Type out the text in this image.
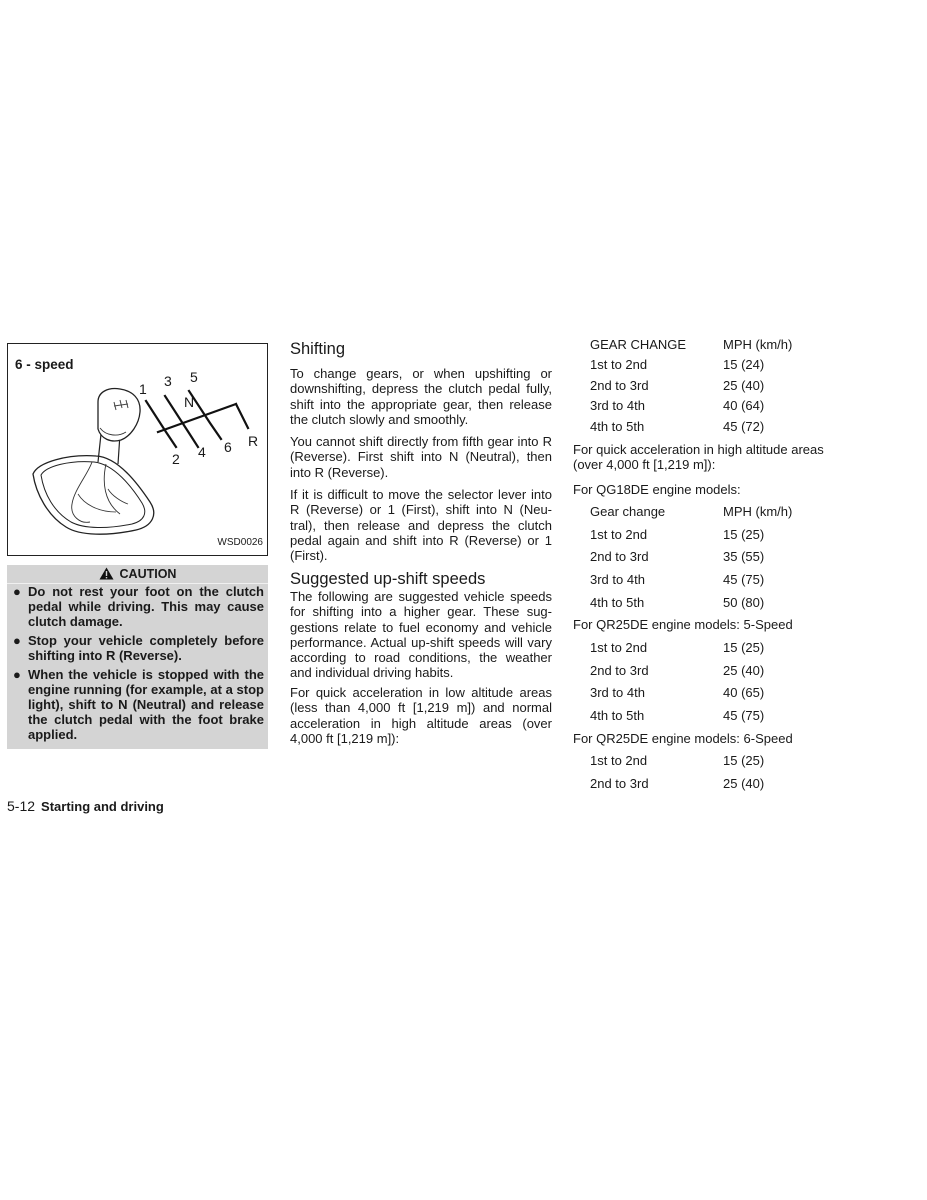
6 - speed
1 3 5
N
2 4 6 R
WSD0026
CAUTION
● Do not rest your foot on the clutch pedal while driving. This may cause clutch damage.
● Stop your vehicle completely before shifting into R (Reverse).
● When the vehicle is stopped with the engine running (for example, at a stop light), shift to N (Neutral) and release the clutch pedal with the foot brake applied.
Shifting

To change gears, or when upshifting or downshifting, depress the clutch pedal fully, shift into the appropriate gear, then release the clutch slowly and smoothly.

You cannot shift directly from fifth gear into R (Reverse). First shift into N (Neutral), then into R (Reverse).

If it is difficult to move the selector lever into R (Reverse) or 1 (First), shift into N (Neu-tral), then release and depress the clutch pedal again and shift into R (Reverse) or 1 (First).

Suggested up-shift speeds

The following are suggested vehicle speeds for shifting into a higher gear. These sug-gestions relate to fuel economy and vehicle performance. Actual up-shift speeds will vary according to road conditions, the weather and individual driving habits.

For quick acceleration in low altitude areas (less than 4,000 ft [1,219 m]) and normal acceleration in high altitude areas (over 4,000 ft [1,219 m]):

GEAR CHANGE	MPH (km/h)
1st to 2nd	15 (24)
2nd to 3rd	25 (40)
3rd to 4th	40 (64)
4th to 5th	45 (72)

For quick acceleration in high altitude areas (over 4,000 ft [1,219 m]):

For QG18DE engine models:

Gear change	MPH (km/h)
1st to 2nd	15 (25)
2nd to 3rd	35 (55)
3rd to 4th	45 (75)
4th to 5th	50 (80)

For QR25DE engine models: 5-Speed

1st to 2nd	15 (25)
2nd to 3rd	25 (40)
3rd to 4th	40 (65)
4th to 5th	45 (75)

For QR25DE engine models: 6-Speed

1st to 2nd	15 (25)
2nd to 3rd	25 (40)
5-12 Starting and driving
